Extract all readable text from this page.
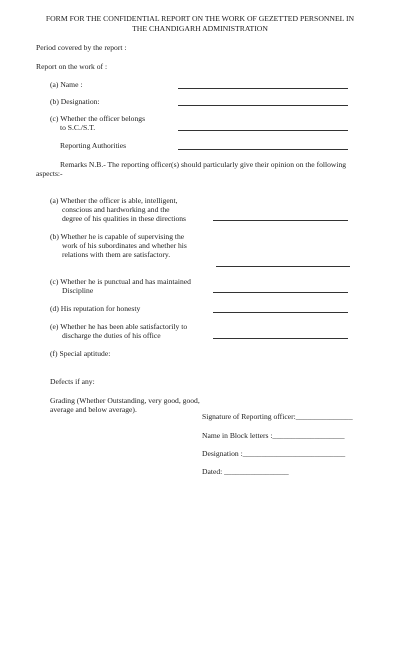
FORM FOR THE CONFIDENTIAL REPORT ON THE WORK OF GEZETTED PERSONNEL IN
THE CHANDIGARH ADMINISTRATION
Period covered by the report :
Report on the work of :
(a) Name :
(b) Designation:
(c) Whether the officer belongs
to S.C./S.T.
Reporting Authorities
Remarks N.B.- The reporting officer(s) should particularly give their opinion on the following
aspects:-
(a) Whether the officer is able, intelligent,
conscious and hardworking and the
degree of his qualities in these directions
(b) Whether he is capable of supervising the
work of his subordinates and whether his
relations with them are satisfactory.
(c) Whether he is punctual and has maintained
Discipline
(d) His reputation for honesty
(e) Whether he has been able satisfactorily to
discharge the duties of his office
(f) Special aptitude:
Defects if any:
Grading (Whether Outstanding, very good, good,
average and below average).
Signature of Reporting officer:_______________
Name in Block letters :___________________
Designation :___________________________
Dated: _________________
